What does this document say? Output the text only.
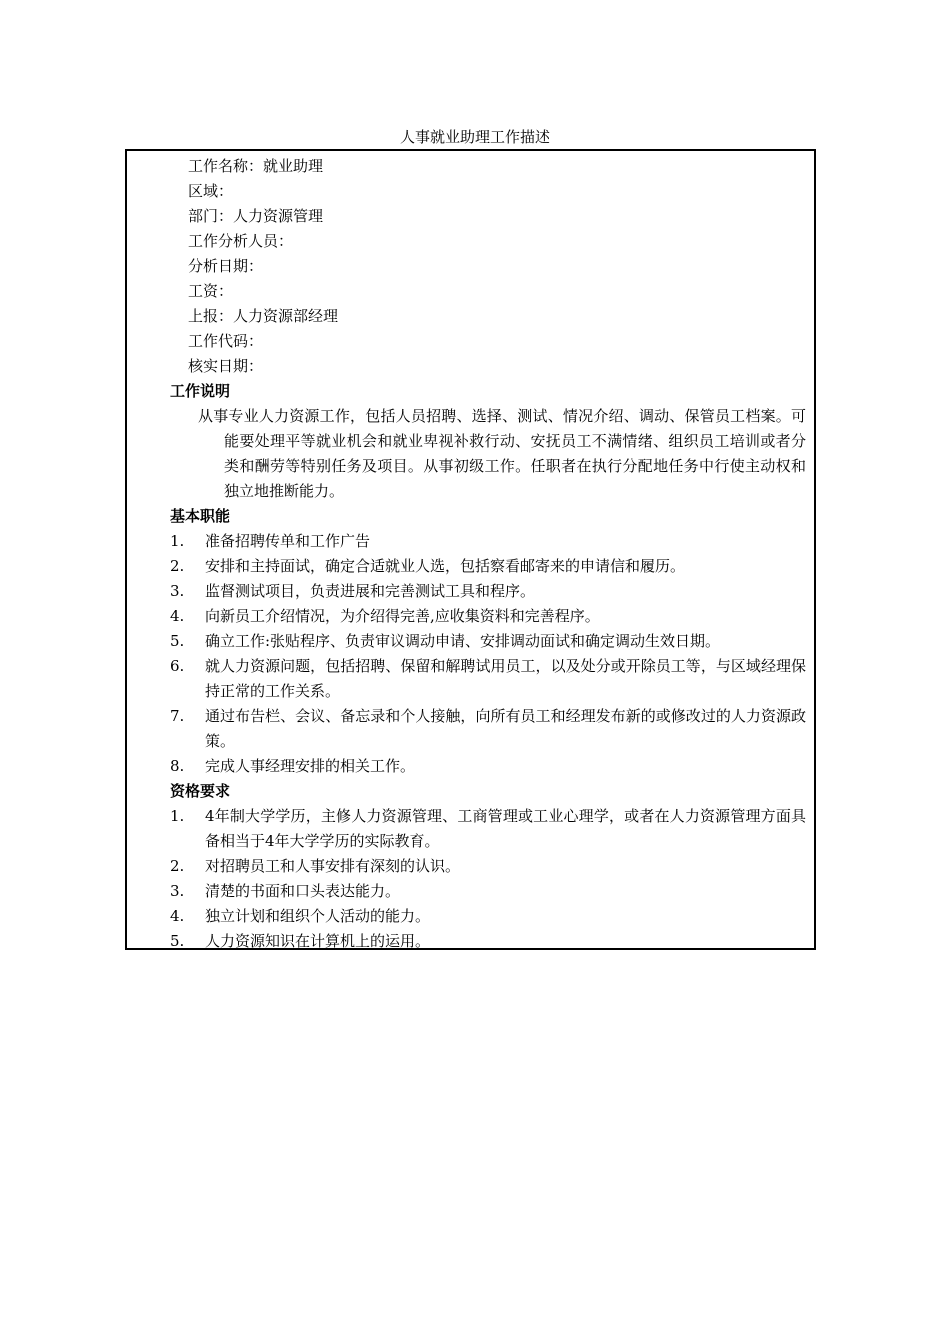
人事就业助理工作描述
工作名称：就业助理
区域：
部门：人力资源管理
工作分析人员：
分析日期：
工资：
上报：人力资源部经理
工作代码：
核实日期：
工作说明
从事专业人力资源工作，包括人员招聘、选择、测试、情况介绍、调动、保管员工档案。可能要处理平等就业机会和就业卑视补救行动、安抚员工不满情绪、组织员工培训或者分类和酬劳等特别任务及项目。从事初级工作。任职者在执行分配地任务中行使主动权和独立地推断能力。
基本职能
1.	准备招聘传单和工作广告
2.	安排和主持面试，确定合适就业人选，包括察看邮寄来的申请信和履历。
3.	监督测试项目，负责进展和完善测试工具和程序。
4.	向新员工介绍情况，为介绍得完善,应收集资料和完善程序。
5.	确立工作:张贴程序、负责审议调动申请、安排调动面试和确定调动生效日期。
6.	就人力资源问题，包括招聘、保留和解聘试用员工，以及处分或开除员工等，与区域经理保持正常的工作关系。
7.	通过布告栏、会议、备忘录和个人接触，向所有员工和经理发布新的或修改过的人力资源政策。
8.	完成人事经理安排的相关工作。
资格要求
1.	4年制大学学历，主修人力资源管理、工商管理或工业心理学，或者在人力资源管理方面具备相当于4年大学学历的实际教育。
2.	对招聘员工和人事安排有深刻的认识。
3.	清楚的书面和口头表达能力。
4.	独立计划和组织个人活动的能力。
5.	人力资源知识在计算机上的运用。
